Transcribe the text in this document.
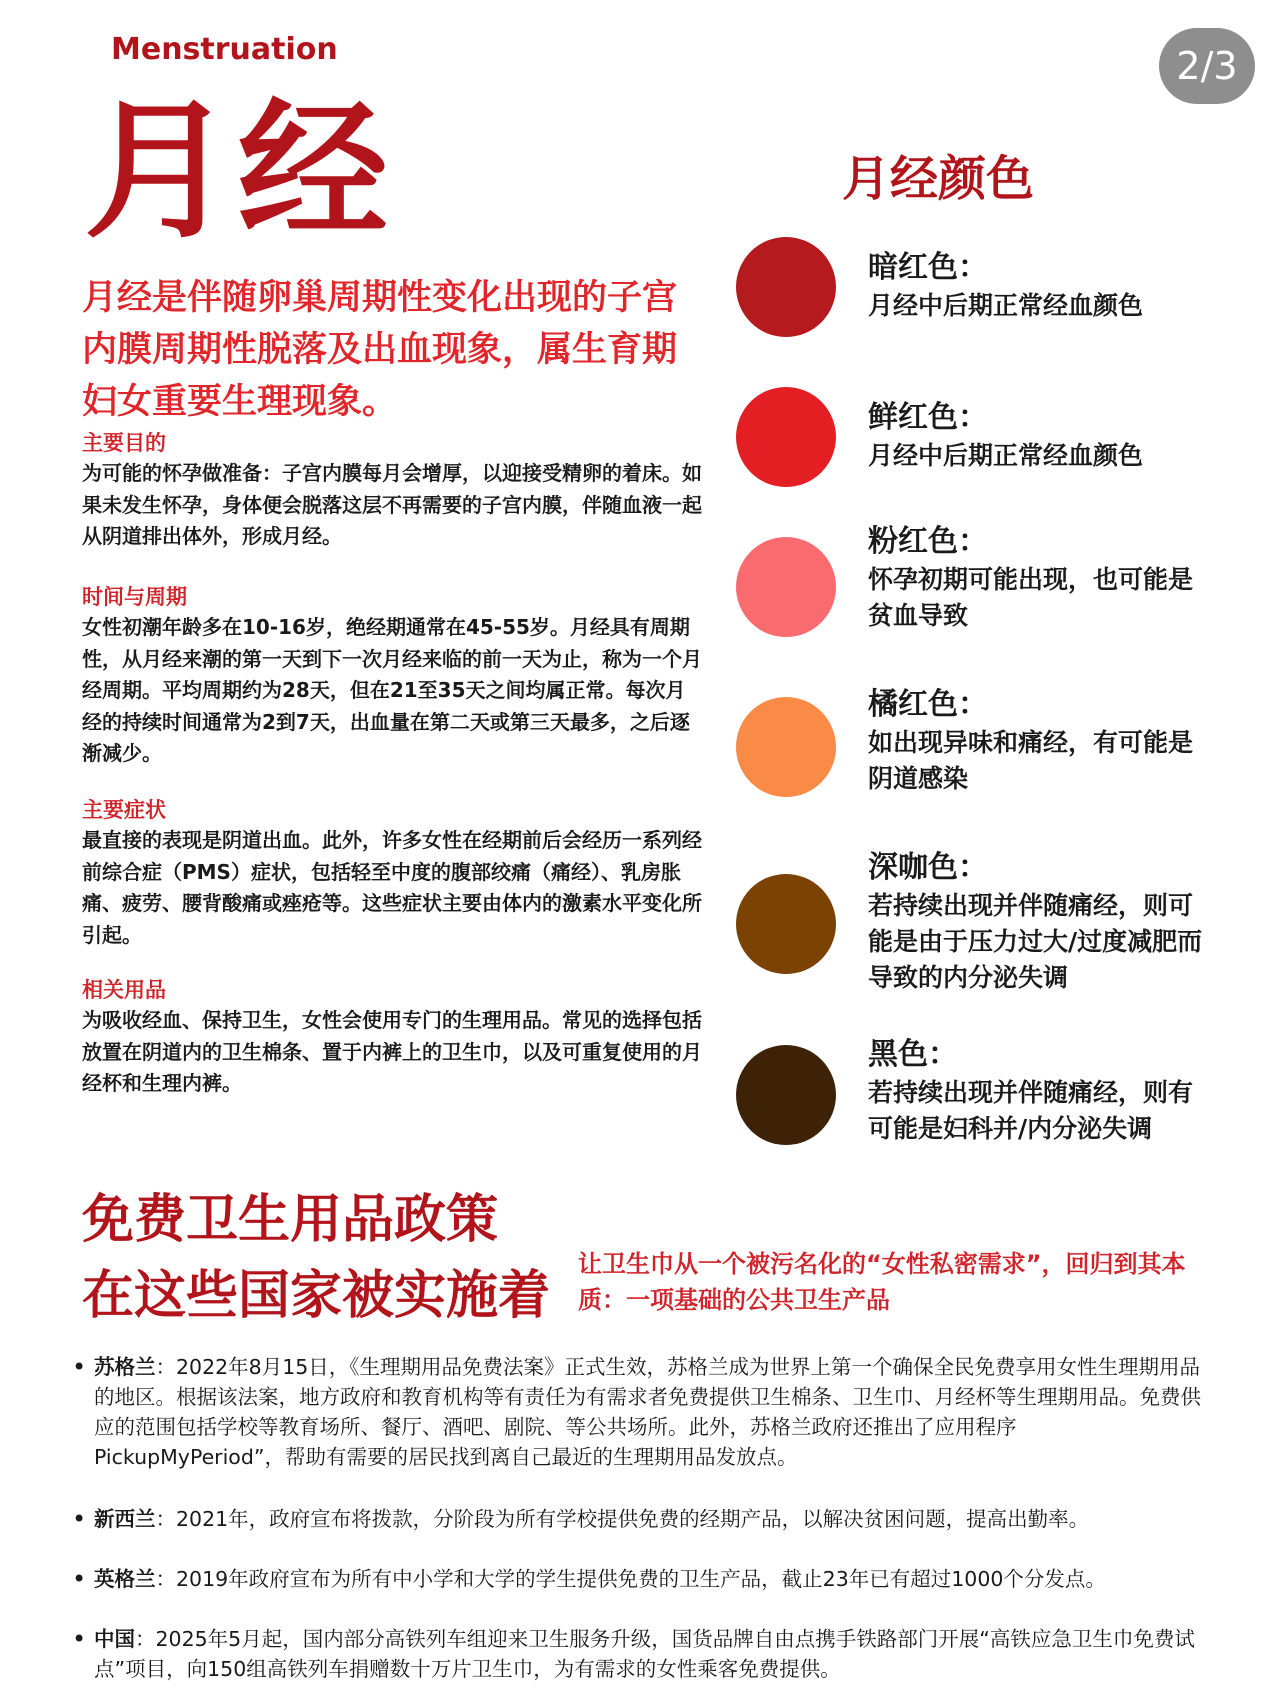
2/3
Menstruation
月经
月经是伴随卵巢周期性变化出现的子宫内膜周期性脱落及出血现象，属生育期妇女重要生理现象。
主要目的
为可能的怀孕做准备：子宫内膜每月会增厚，以迎接受精卵的着床。如果未发生怀孕，身体便会脱落这层不再需要的子宫内膜，伴随血液一起从阴道排出体外，形成月经。
时间与周期
女性初潮年龄多在10-16岁，绝经期通常在45-55岁。月经具有周期性，从月经来潮的第一天到下一次月经来临的前一天为止，称为一个月经周期。平均周期约为28天，但在21至35天之间均属正常。每次月经的持续时间通常为2到7天，出血量在第二天或第三天最多，之后逐渐减少。
主要症状
最直接的表现是阴道出血。此外，许多女性在经期前后会经历一系列经前综合症（PMS）症状，包括轻至中度的腹部绞痛（痛经）、乳房胀痛、疲劳、腰背酸痛或痤疮等。这些症状主要由体内的激素水平变化所引起。
相关用品
为吸收经血、保持卫生，女性会使用专门的生理用品。常见的选择包括放置在阴道内的卫生棉条、置于内裤上的卫生巾，以及可重复使用的月经杯和生理内裤。
月经颜色
暗红色：
月经中后期正常经血颜色
鲜红色：
月经中后期正常经血颜色
粉红色：
怀孕初期可能出现，也可能是贫血导致
橘红色：
如出现异味和痛经，有可能是阴道感染
深咖色：
若持续出现并伴随痛经，则可能是由于压力过大/过度减肥而导致的内分泌失调
黑色：
若持续出现并伴随痛经，则有可能是妇科并/内分泌失调
免费卫生用品政策
在这些国家被实施着
让卫生巾从一个被污名化的“女性私密需求”，回归到其本质：一项基础的公共卫生产品
• 苏格兰：2022年8月15日，《生理期用品免费法案》正式生效，苏格兰成为世界上第一个确保全民免费享用女性生理期用品的地区。根据该法案，地方政府和教育机构等有责任为有需求者免费提供卫生棉条、卫生巾、月经杯等生理期用品。免费供应的范围包括学校等教育场所、餐厅、酒吧、剧院、等公共场所。此外，苏格兰政府还推出了应用程序PickupMyPeriod”，帮助有需要的居民找到离自己最近的生理期用品发放点。
• 新西兰：2021年，政府宣布将拨款，分阶段为所有学校提供免费的经期产品，以解决贫困问题，提高出勤率。
• 英格兰：2019年政府宣布为所有中小学和大学的学生提供免费的卫生产品，截止23年已有超过1000个分发点。
• 中国：2025年5月起，国内部分高铁列车组迎来卫生服务升级，国货品牌自由点携手铁路部门开展“高铁应急卫生巾免费试点”项目，向150组高铁列车捐赠数十万片卫生巾，为有需求的女性乘客免费提供。
